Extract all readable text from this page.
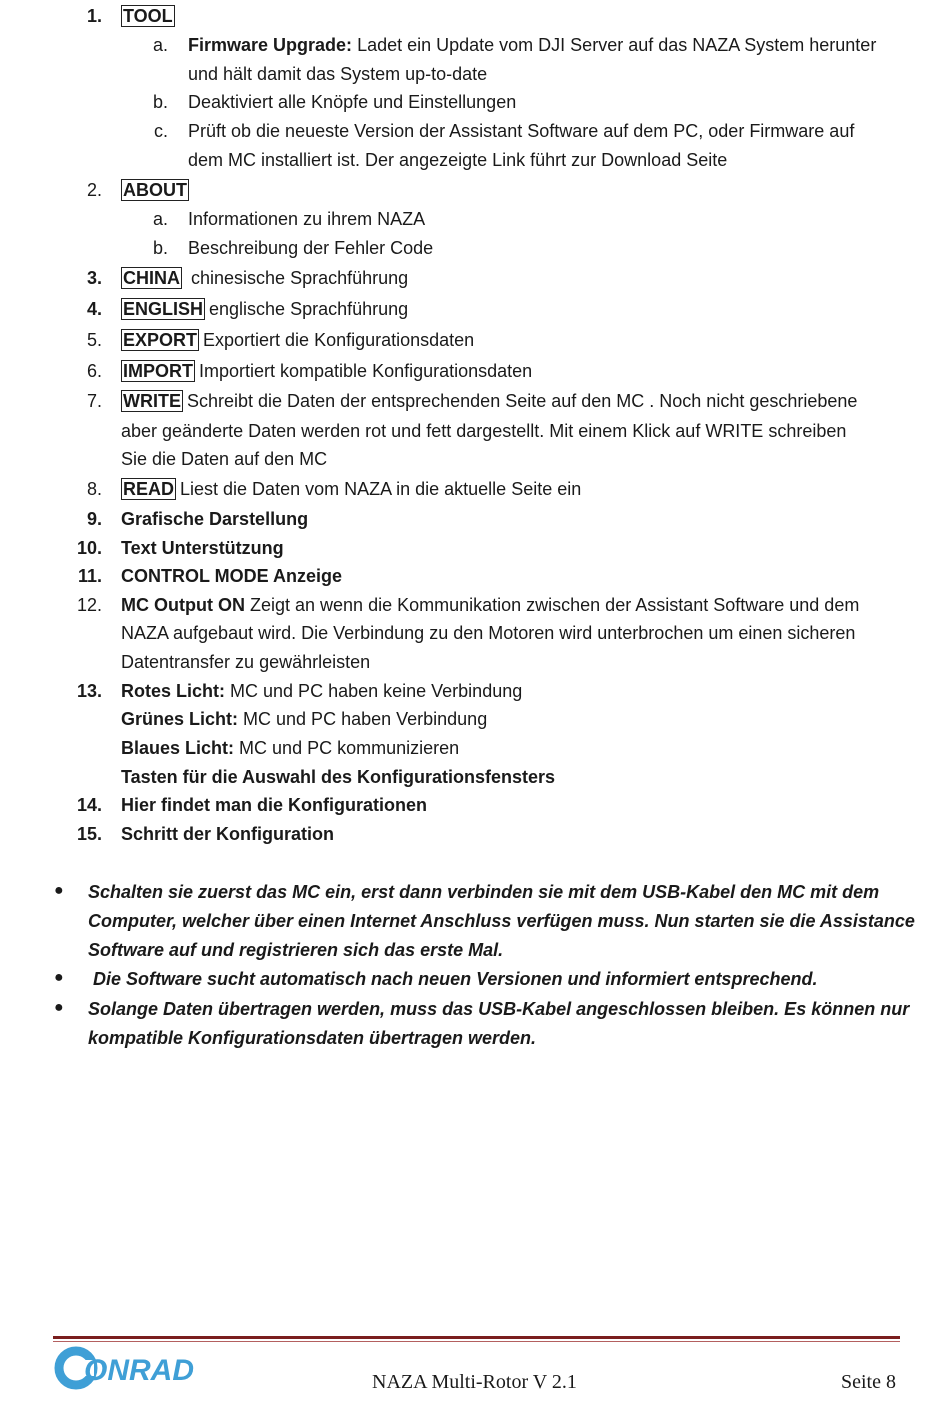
1. TOOL
a. Firmware Upgrade: Ladet ein Update vom DJI Server auf das NAZA System herunter
und hält damit das System up-to-date
b. Deaktiviert alle Knöpfe und Einstellungen
c. Prüft ob die neueste Version der Assistant Software auf dem PC, oder Firmware auf
dem MC installiert ist. Der angezeigte Link führt zur Download Seite
2. ABOUT
a. Informationen zu ihrem NAZA
b. Beschreibung der Fehler Code
3. CHINA chinesische Sprachführung
4. ENGLISH englische Sprachführung
5. EXPORT Exportiert die Konfigurationsdaten
6. IMPORT Importiert kompatible Konfigurationsdaten
7. WRITE Schreibt die Daten der entsprechenden Seite auf den MC . Noch nicht geschriebene
aber geänderte Daten werden rot und fett dargestellt. Mit einem Klick auf WRITE schreiben
Sie die Daten auf den MC
8. READ Liest die Daten vom NAZA in die aktuelle Seite ein
9. Grafische Darstellung
10. Text Unterstützung
11. CONTROL MODE Anzeige
12. MC Output ON Zeigt an wenn die Kommunikation zwischen der Assistant Software und dem
NAZA aufgebaut wird. Die Verbindung zu den Motoren wird unterbrochen um einen sicheren
Datentransfer zu gewährleisten
13. Rotes Licht: MC und PC haben keine Verbindung
Grünes Licht: MC und PC haben Verbindung
Blaues Licht: MC und PC kommunizieren
Tasten für die Auswahl des Konfigurationsfensters
14. Hier findet man die Konfigurationen
15. Schritt der Konfiguration
● Schalten sie zuerst das MC ein, erst dann verbinden sie mit dem USB-Kabel den MC mit dem
Computer, welcher über einen Internet Anschluss verfügen muss. Nun starten sie die Assistance
Software auf und registrieren sich das erste Mal.
● Die Software sucht automatisch nach neuen Versionen und informiert entsprechend.
● Solange Daten übertragen werden, muss das USB-Kabel angeschlossen bleiben. Es können nur
kompatible Konfigurationsdaten übertragen werden.
ONRAD	NAZA Multi-Rotor V 2.1	Seite 8
